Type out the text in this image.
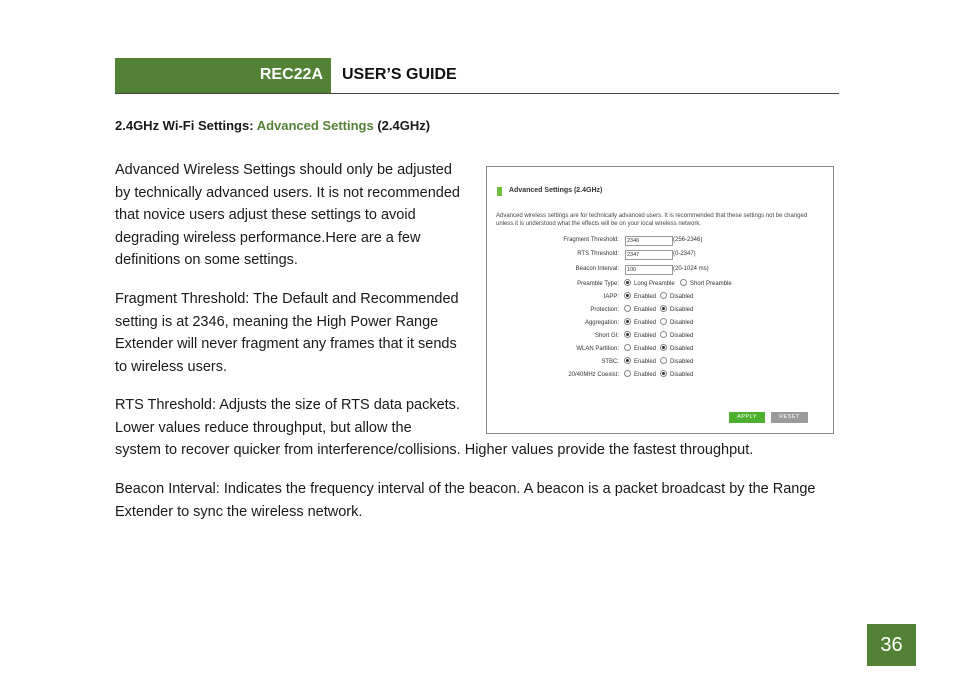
REC22A USER’S GUIDE
2.4GHz Wi-Fi Settings: Advanced Settings (2.4GHz)

Advanced Wireless Settings should only be adjusted by technically advanced users. It is not recommended that novice users adjust these settings to avoid degrading wireless performance.Here are a few definitions on some settings.

Fragment Threshold: The Default and Recommended setting is at 2346, meaning the High Power Range Extender will never fragment any frames that it sends to wireless users.

RTS Threshold: Adjusts the size of RTS data packets. Lower values reduce throughput, but allow the

system to recover quicker from interference/collisions. Higher values provide the fastest throughput.

Beacon Interval: Indicates the frequency interval of the beacon. A beacon is a packet broadcast by the Range Extender to sync the wireless network.

Advanced Settings (2.4GHz)

Advanced wireless settings are for technically advanced users. It is recommended that these settings not be changed unless it is understood what the effects will be on your local wireless network.

Fragment Threshold:	2346	(256-2346)
RTS Threshold:	2347	(0-2347)
Beacon Interval:	100	(20-1024 ms)
Preamble Type:	Long Preamble	Short Preamble
IAPP:	Enabled	Disabled
Protection:	Enabled	Disabled
Aggregation:	Enabled	Disabled
Short GI:	Enabled	Disabled
WLAN Partition:	Enabled	Disabled
STBC:	Enabled	Disabled
20/40MHz Coexist:	Enabled	Disabled
APPLY	RESET
36
